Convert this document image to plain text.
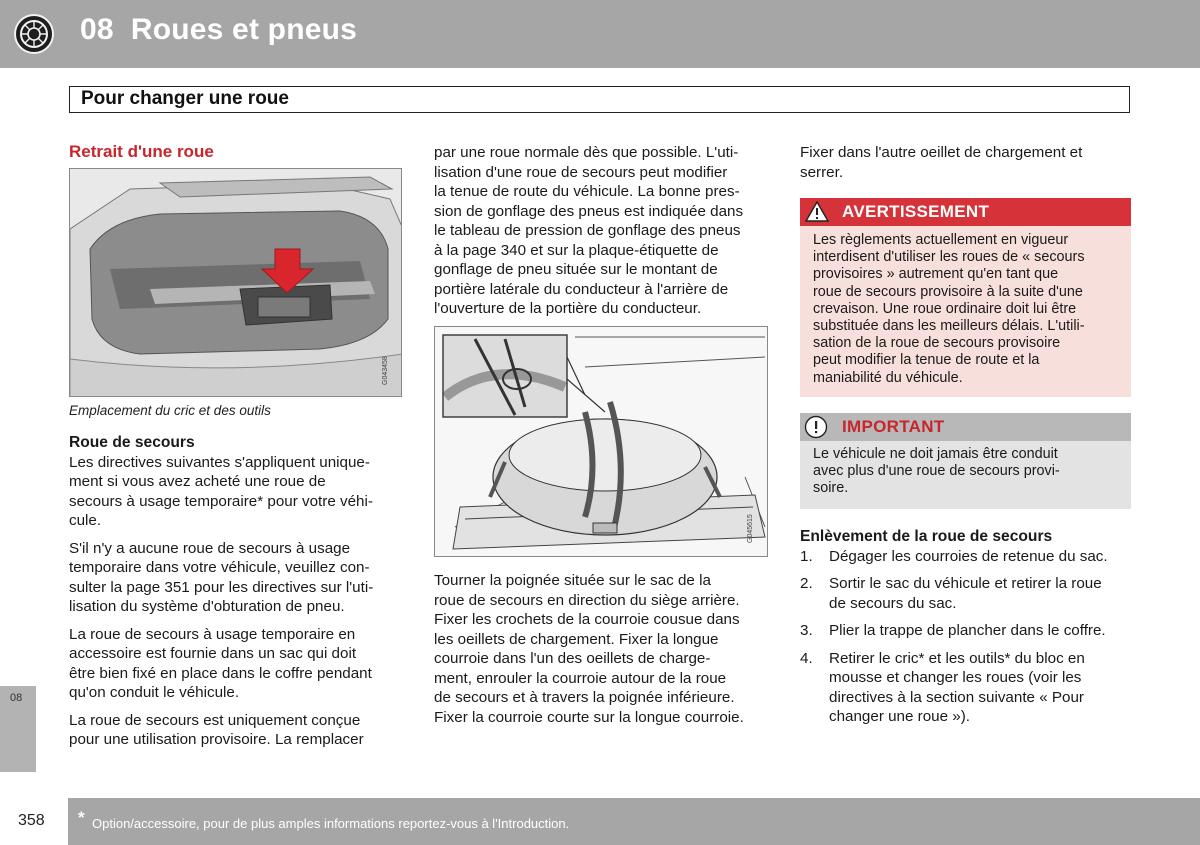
08  Roues et pneus
Pour changer une roue
08
Retrait d'une roue
G043458
Emplacement du cric et des outils

Roue de secours

Les directives suivantes s'appliquent unique-
ment si vous avez acheté une roue de
secours à usage temporaire* pour votre véhi-
cule.

S'il n'y a aucune roue de secours à usage
temporaire dans votre véhicule, veuillez con-
sulter la page 351 pour les directives sur l'uti-
lisation du système d'obturation de pneu.

La roue de secours à usage temporaire en
accessoire est fournie dans un sac qui doit
être bien fixé en place dans le coffre pendant
qu'on conduit le véhicule.

La roue de secours est uniquement conçue
pour une utilisation provisoire. La remplacer

par une roue normale dès que possible. L'uti-
lisation d'une roue de secours peut modifier
la tenue de route du véhicule. La bonne pres-
sion de gonflage des pneus est indiquée dans
le tableau de pression de gonflage des pneus
à la page 340 et sur la plaque-étiquette de
gonflage de pneu située sur le montant de
portière latérale du conducteur à l'arrière de
l'ouverture de la portière du conducteur.
G045615
Tourner la poignée située sur le sac de la
roue de secours en direction du siège arrière.
Fixer les crochets de la courroie cousue dans
les oeillets de chargement. Fixer la longue
courroie dans l'un des oeillets de charge-
ment, enrouler la courroie autour de la roue
de secours et à travers la poignée inférieure.
Fixer la courroie courte sur la longue courroie.
Fixer dans l'autre oeillet de chargement et
serrer.
AVERTISSEMENT
Les règlements actuellement en vigueur
interdisent d'utiliser les roues de « secours
provisoires » autrement qu'en tant que
roue de secours provisoire à la suite d'une
crevaison. Une roue ordinaire doit lui être
substituée dans les meilleurs délais. L'utili-
sation de la roue de secours provisoire
peut modifier la tenue de route et la
maniabilité du véhicule.
IMPORTANT
Le véhicule ne doit jamais être conduit
avec plus d'une roue de secours provi-
soire.

Enlèvement de la roue de secours

1. Dégager les courroies de retenue du sac.
2. Sortir le sac du véhicule et retirer la roue
de secours du sac.
3. Plier la trappe de plancher dans le coffre.
4. Retirer le cric* et les outils* du bloc en
mousse et changer les roues (voir les
directives à la section suivante « Pour
changer une roue »).
358 * Option/accessoire, pour de plus amples informations reportez-vous à l'Introduction.
